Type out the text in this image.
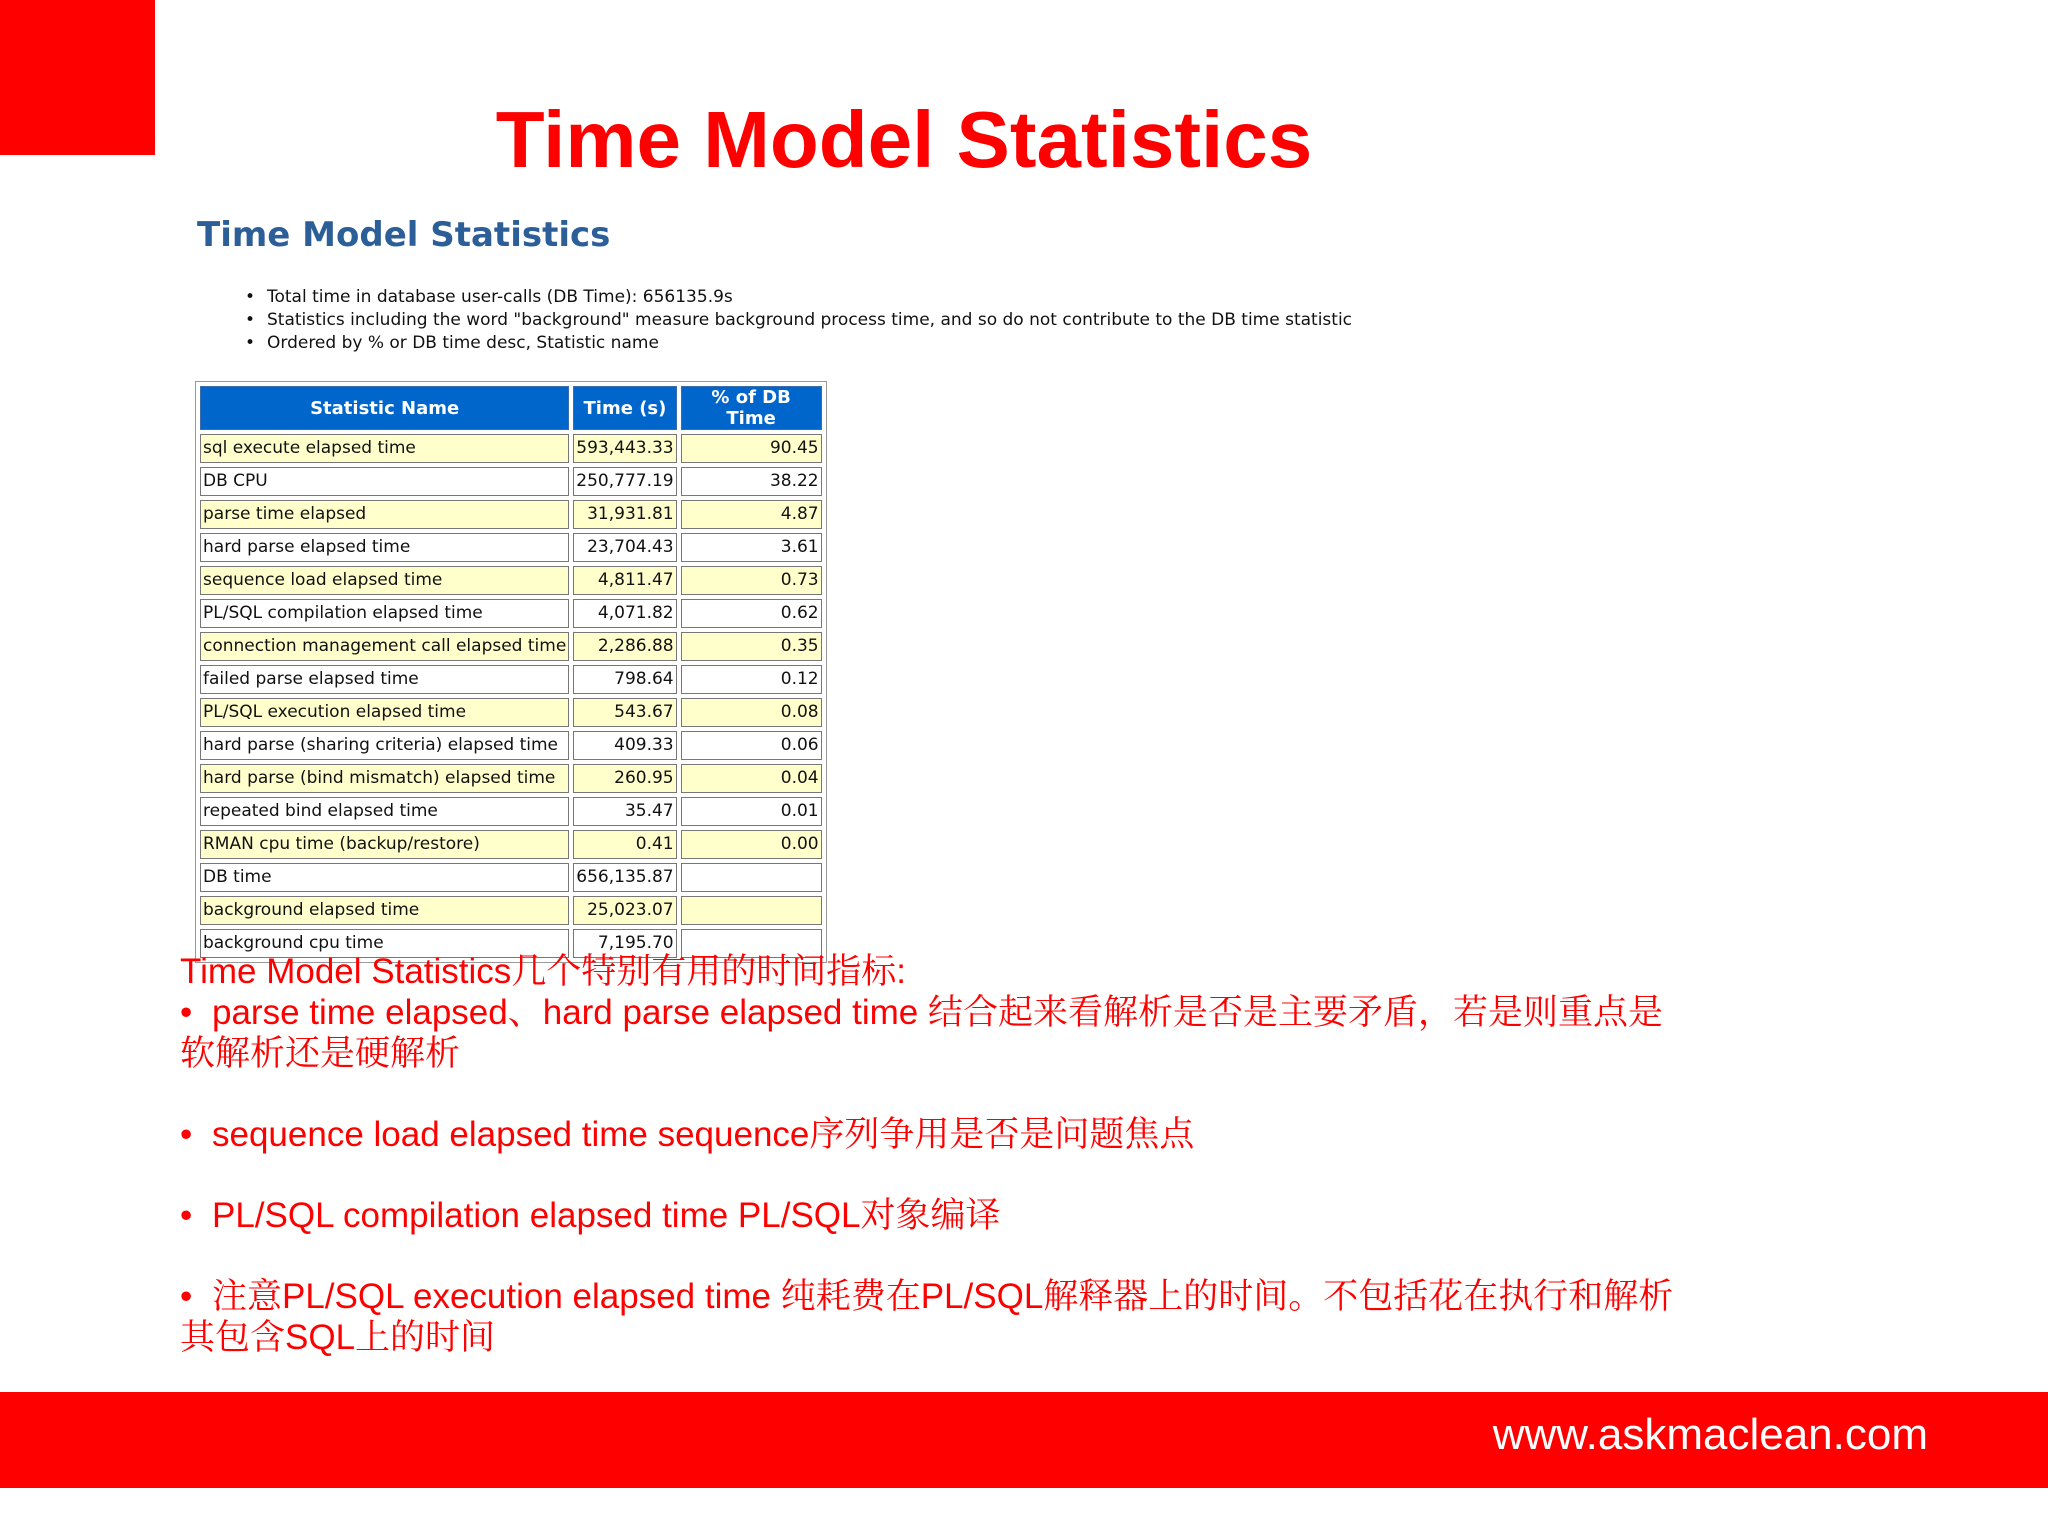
Time Model Statistics
Time Model Statistics
• Total time in database user-calls (DB Time): 656135.9s
• Statistics including the word "background" measure background process time, and so do not contribute to the DB time statistic
• Ordered by % or DB time desc, Statistic name
Statistic Name	Time (s)	% of DB Time
sql execute elapsed time	593,443.33	90.45
DB CPU	250,777.19	38.22
parse time elapsed	31,931.81	4.87
hard parse elapsed time	23,704.43	3.61
sequence load elapsed time	4,811.47	0.73
PL/SQL compilation elapsed time	4,071.82	0.62
connection management call elapsed time	2,286.88	0.35
failed parse elapsed time	798.64	0.12
PL/SQL execution elapsed time	543.67	0.08
hard parse (sharing criteria) elapsed time	409.33	0.06
hard parse (bind mismatch) elapsed time	260.95	0.04
repeated bind elapsed time	35.47	0.01
RMAN cpu time (backup/restore)	0.41	0.00
DB time	656,135.87	
background elapsed time	25,023.07	
background cpu time	7,195.70	
Time Model Statistics几个特别有用的时间指标:
• parse time elapsed、hard parse elapsed time 结合起来看解析是否是主要矛盾，若是则重点是
软解析还是硬解析
• sequence load elapsed time sequence序列争用是否是问题焦点
• PL/SQL compilation elapsed time PL/SQL对象编译
• 注意PL/SQL execution elapsed time 纯耗费在PL/SQL解释器上的时间。不包括花在执行和解析
其包含SQL上的时间
www.askmaclean.com
